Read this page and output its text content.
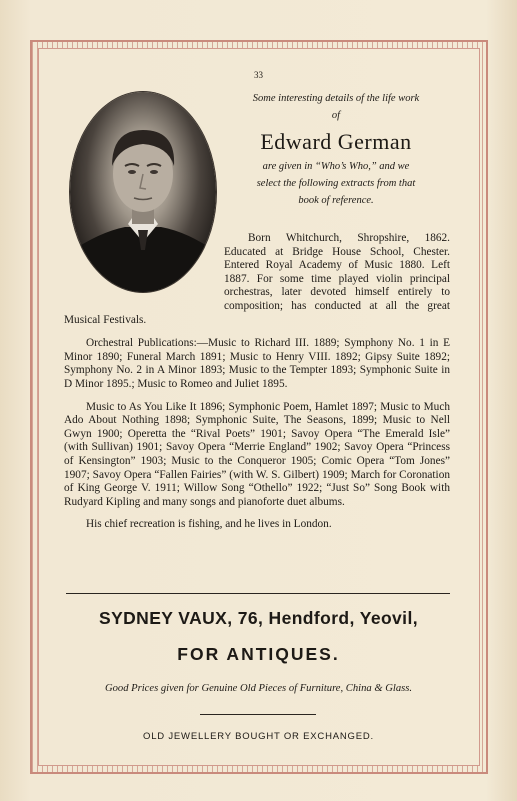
33
Some interesting details of the life work
of
Edward German
are given in “Who’s Who,” and we
select the following extracts from that
book of reference.

Born Whitchurch, Shropshire, 1862. Educated at Bridge House School, Chester. Entered Royal Academy of Music 1880. Left 1887. For some time played violin principal orchestras, later devoted himself entirely to composition; has conducted at all the great Musical Festivals.

Orchestral Publications:—Music to Richard III. 1889; Symphony No. 1 in E Minor 1890; Funeral March 1891; Music to Henry VIII. 1892; Gipsy Suite 1892; Symphony No. 2 in A Minor 1893; Music to the Tempter 1893; Symphonic Suite in D Minor 1895.; Music to Romeo and Juliet 1895.

Music to As You Like It 1896; Symphonic Poem, Hamlet 1897; Music to Much Ado About Nothing 1898; Symphonic Suite, The Seasons, 1899; Music to Nell Gwyn 1900; Operetta the “Rival Poets” 1901; Savoy Opera “The Emerald Isle” (with Sullivan) 1901; Savoy Opera “Merrie England” 1902; Savoy Opera “Princess of Kensington” 1903; Music to the Conqueror 1905; Comic Opera “Tom Jones” 1907; Savoy Opera “Fallen Fairies” (with W. S. Gilbert) 1909; March for Coronation of King George V. 1911; Willow Song “Othello” 1922; “Just So” Song Book with Rudyard Kipling and many songs and pianoforte duet albums.

His chief recreation is fishing, and he lives in London.

SYDNEY VAUX, 76, Hendford, Yeovil,
FOR ANTIQUES.
Good Prices given for Genuine Old Pieces of Furniture, China & Glass.
OLD JEWELLERY BOUGHT OR EXCHANGED.
